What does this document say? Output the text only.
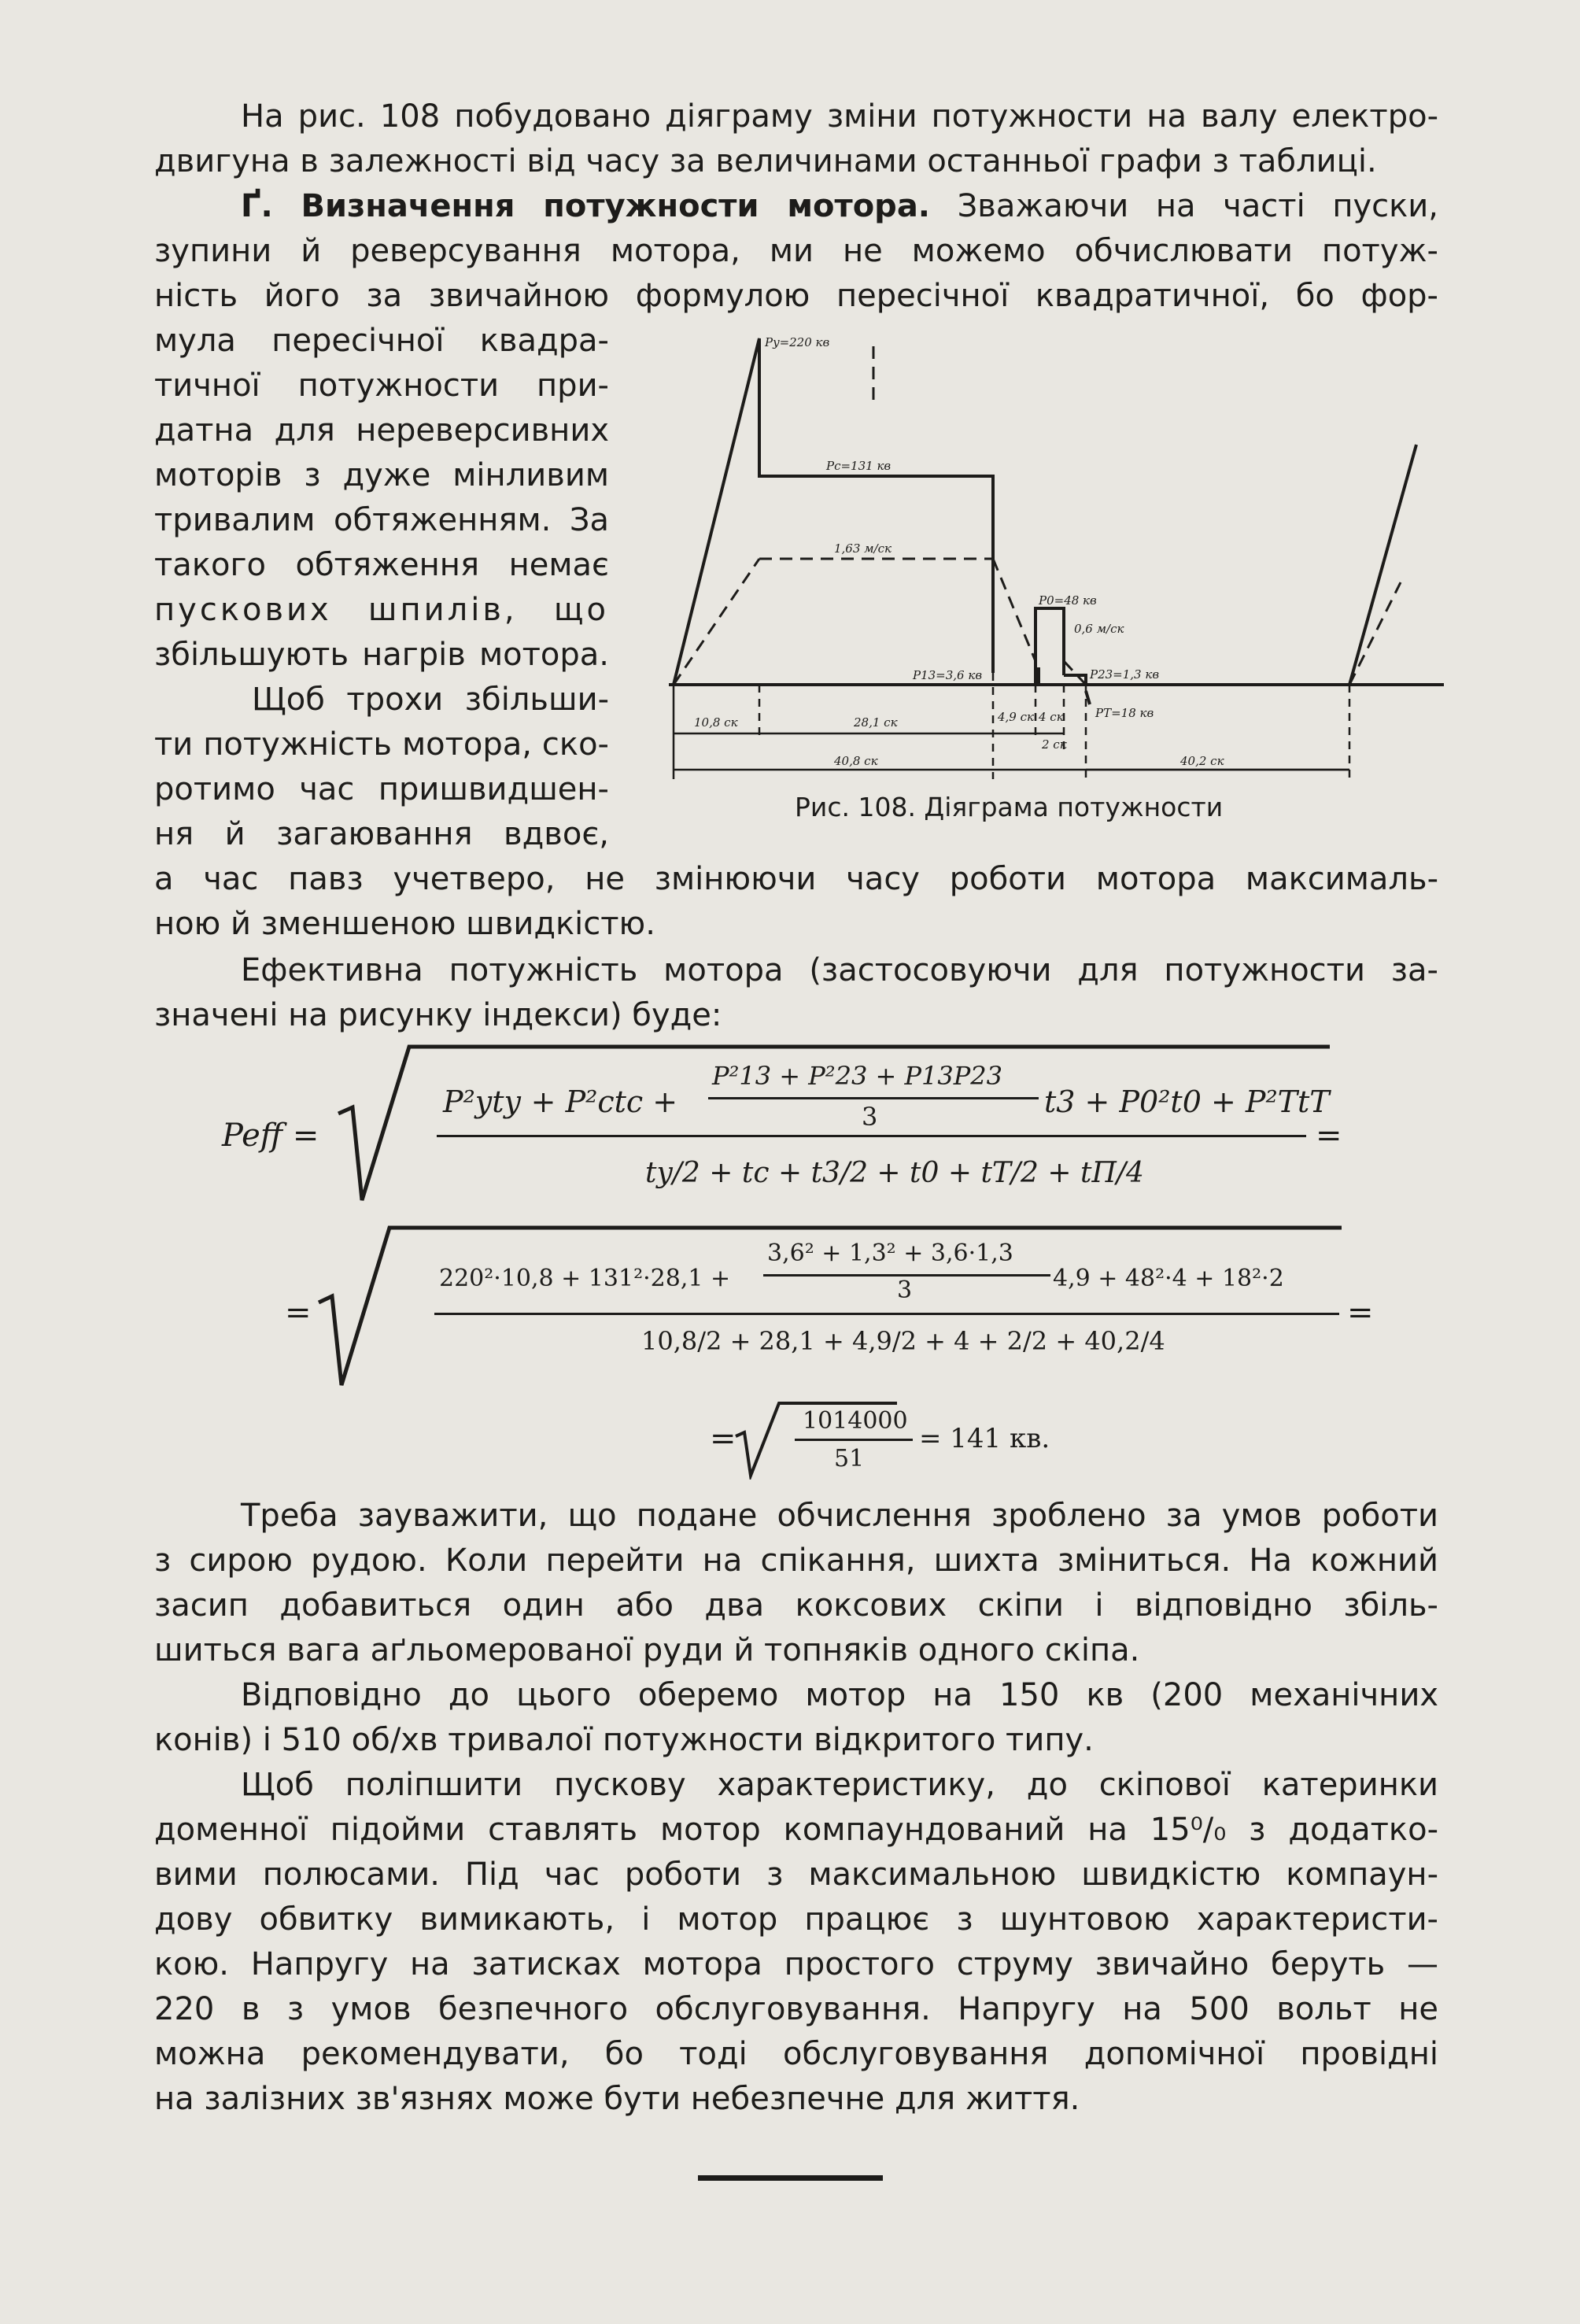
На рис. 108 побудовано діяграму зміни потужности на валу електро-
двигуна в залежності від часу за величинами останньої графи з таблиці.
Ґ. Визначення потужности мотора. Зважаючи на часті пуски,
зупини й реверсування мотора, ми не можемо обчислювати потуж-
ність його за звичайною формулою пересічної квадратичної, бо фор-
мула пересічної квадра-
тичної потужности при-
датна для нереверсивних
моторів з дуже мінливим
тривалим обтяженням. За
такого обтяження немає
пускових шпилів, що
збільшують нагрів мотора.
Щоб трохи збільши-
ти потужність мотора, ско-
ротимо час пришвидшен-
ня й загаювання вдвоє,
Py=220 кв
Pc=131 кв
1,63 м/ск
P0=48 кв
0,6 м/ск
P13=3,6 кв	P23=1,3 кв
PT=18 кв
10,8 ск	28,1 ск	4,9 ск 4 ск
2 ск
40,8 ск	40,2 ск
Рис. 108. Діяграма потужности
а час павз учетверо, не змінюючи часу роботи мотора максималь-
ною й зменшеною швидкістю.
Ефективна потужність мотора (застосовуючи для потужности за-
значені на рисунку індекси) буде:
Peff =
P²ytу + P²ctc +
P²13 + P²23 + P13P23
3	t3 + P0²t0 + P²TtT
ty/2 + tc + t3/2 + t0 + tT/2 + tП/4
=
=
220²·10,8 + 131²·28,1 +
3,6² + 1,3² + 3,6·1,3
3	4,9 + 48²·4 + 18²·2
10,8/2 + 28,1 + 4,9/2 + 4 + 2/2 + 40,2/4
=
=	1014000
51
= 141 кв.
Треба зауважити, що подане обчислення зроблено за умов роботи
з сирою рудою. Коли перейти на спікання, шихта зміниться. На кожний
засип добавиться один або два коксових скіпи і відповідно збіль-
шиться вага аґльомерованої руди й топняків одного скіпа.
Відповідно до цього оберемо мотор на 150 кв (200 механічних
конів) і 510 об/хв тривалої потужности відкритого типу.
Щоб поліпшити пускову характеристику, до скіпової катеринки
доменної підойми ставлять мотор компаундований на 15⁰/₀ з додатко-
вими полюсами. Під час роботи з максимальною швидкістю компаун-
дову обвитку вимикають, і мотор працює з шунтовою характеристи-
кою. Напругу на затисках мотора простого струму звичайно беруть —
220 в з умов безпечного обслуговування. Напругу на 500 вольт не
можна рекомендувати, бо тоді обслуговування допомічної провідні
на залізних зв'язнях може бути небезпечне для життя.
